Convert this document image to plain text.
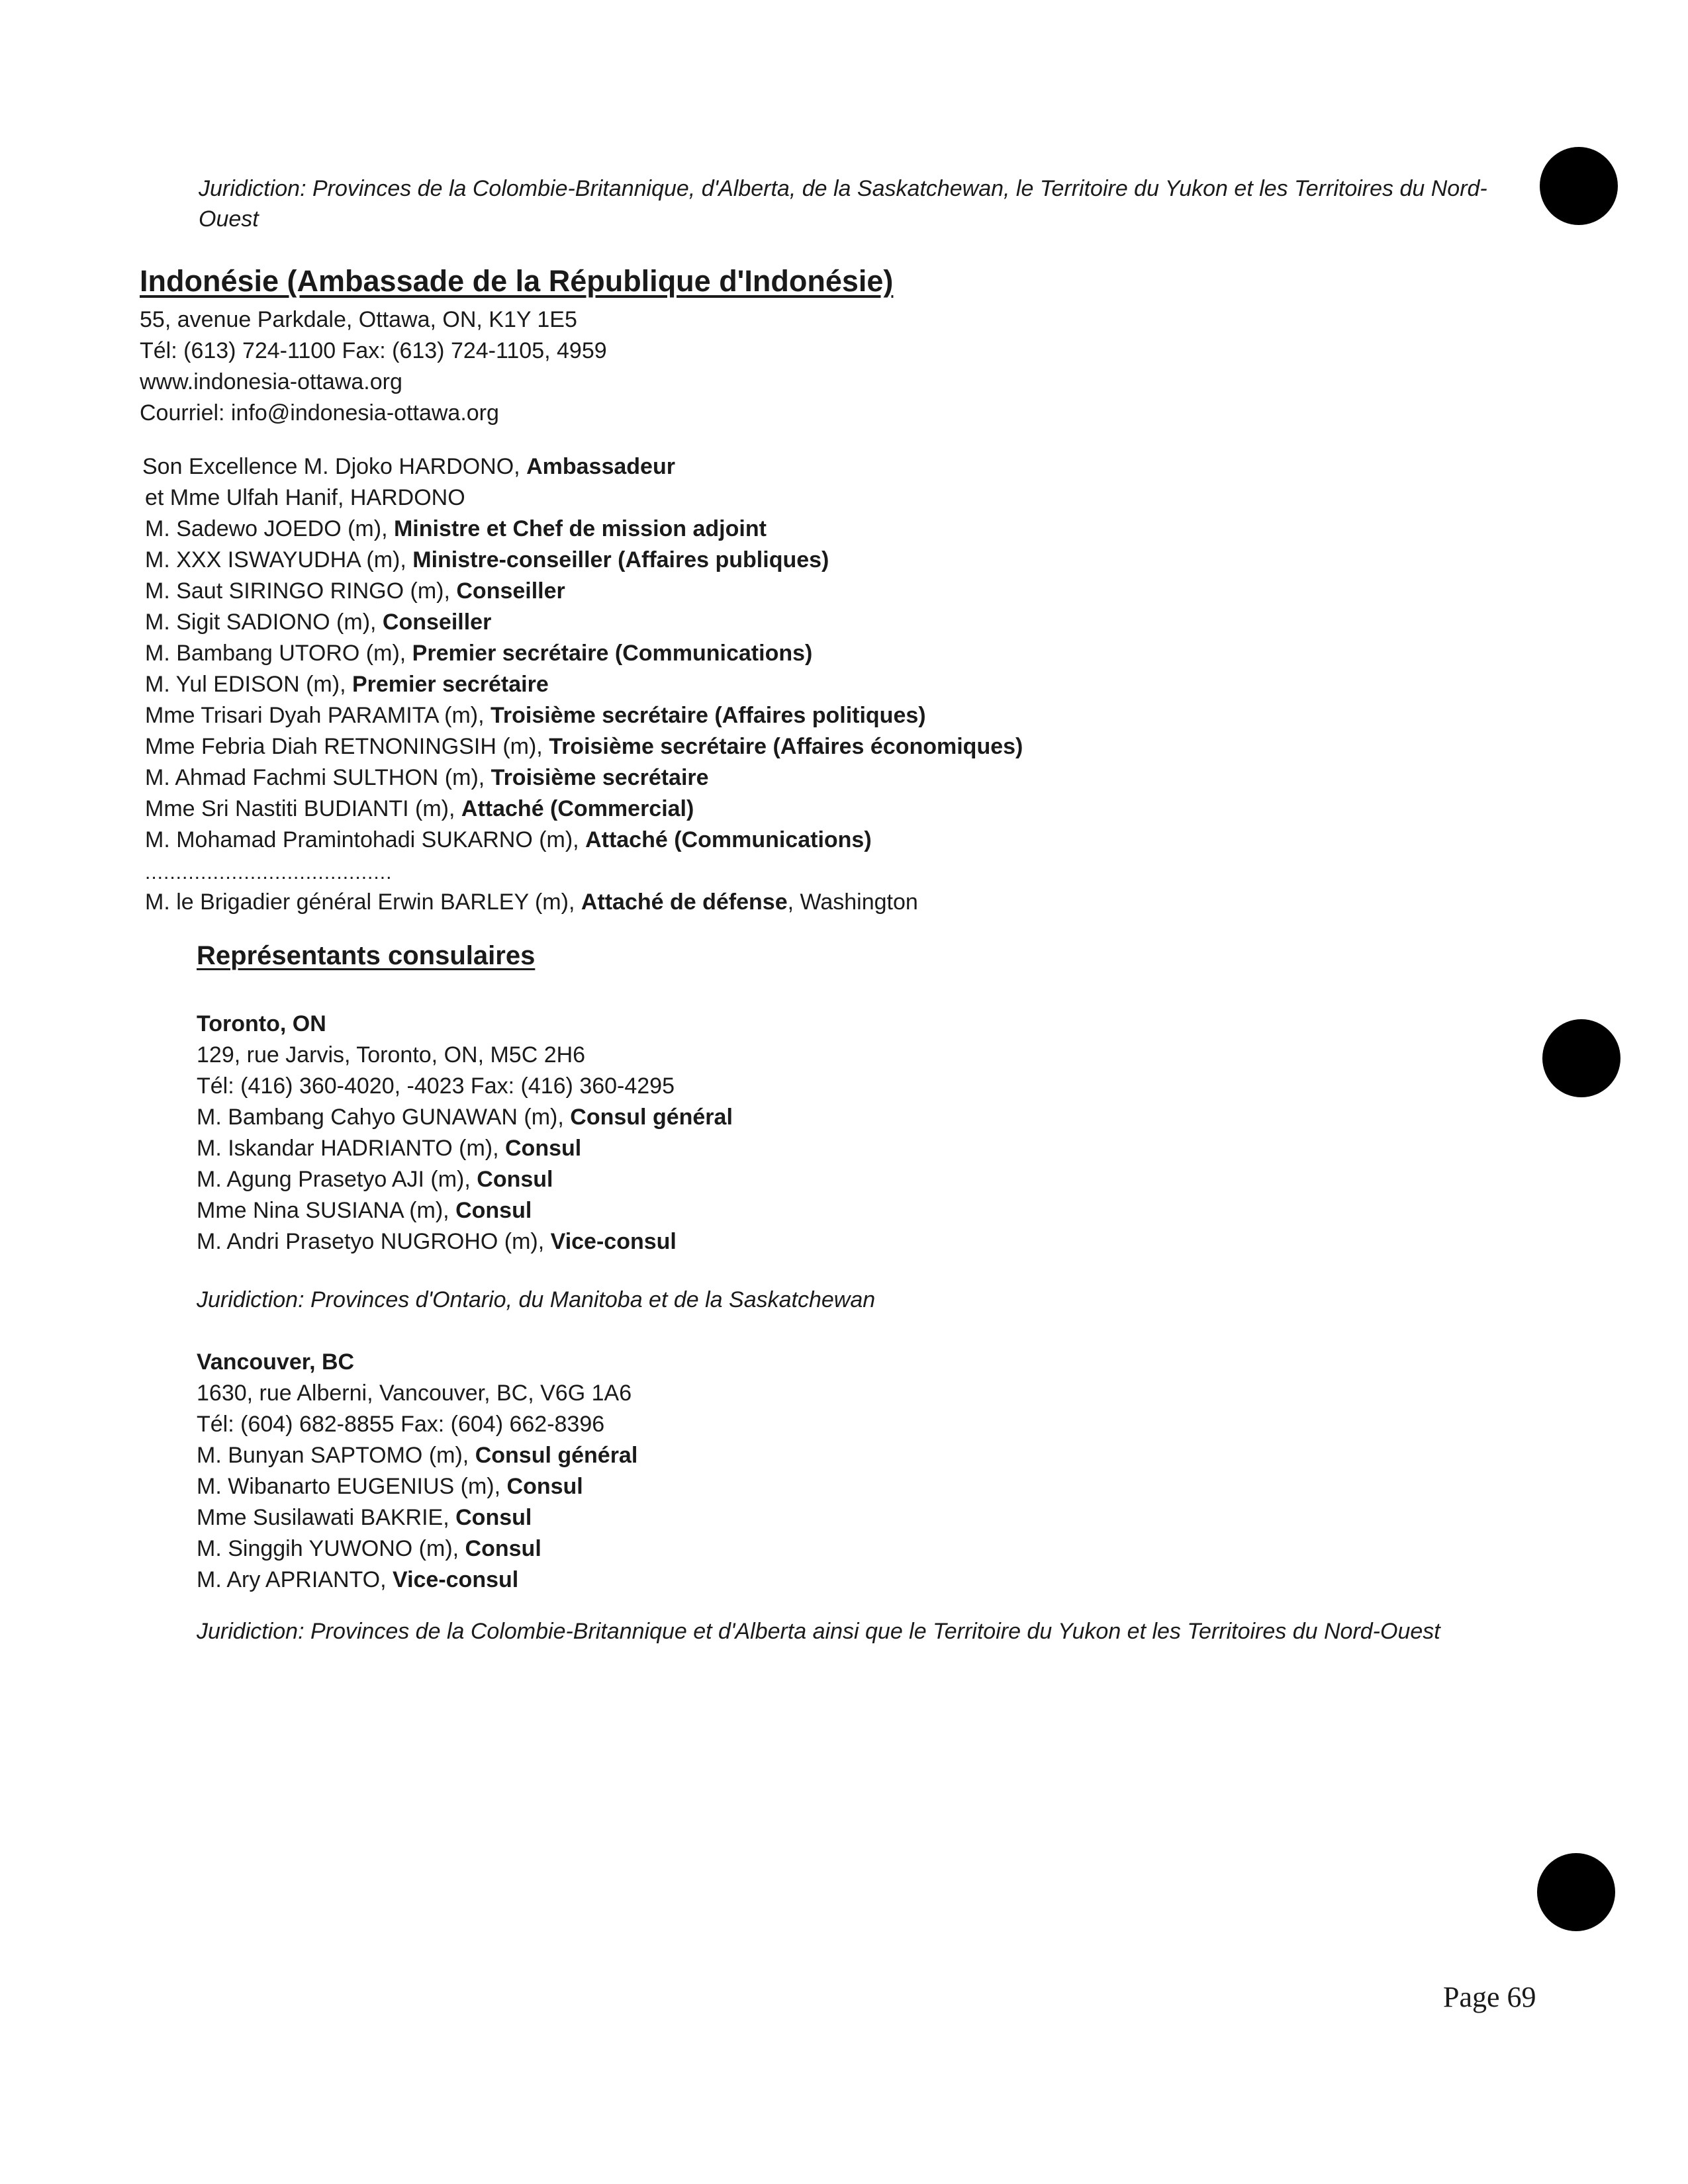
Juridiction: Provinces de la Colombie-Britannique, d'Alberta, de la Saskatchewan, le Territoire du Yukon et les Territoires du Nord-Ouest
Indonésie (Ambassade de la République d'Indonésie)
55, avenue Parkdale, Ottawa, ON, K1Y 1E5
Tél: (613) 724-1100 Fax: (613) 724-1105, 4959
www.indonesia-ottawa.org
Courriel: info@indonesia-ottawa.org
Son Excellence M. Djoko HARDONO, Ambassadeur
et Mme Ulfah Hanif, HARDONO
M. Sadewo JOEDO (m), Ministre et Chef de mission adjoint
M. XXX ISWAYUDHA (m), Ministre-conseiller (Affaires publiques)
M. Saut SIRINGO RINGO (m), Conseiller
M. Sigit SADIONO (m), Conseiller
M. Bambang UTORO (m), Premier secrétaire (Communications)
M. Yul EDISON (m), Premier secrétaire
Mme Trisari Dyah PARAMITA (m), Troisième secrétaire (Affaires politiques)
Mme Febria Diah RETNONINGSIH (m), Troisième secrétaire (Affaires économiques)
M. Ahmad Fachmi SULTHON (m), Troisième secrétaire
Mme Sri Nastiti BUDIANTI (m), Attaché (Commercial)
M. Mohamad Pramintohadi SUKARNO (m), Attaché (Communications)
........................................
M. le Brigadier général Erwin BARLEY (m), Attaché de défense, Washington
Représentants consulaires
Toronto, ON
129, rue Jarvis, Toronto, ON, M5C 2H6
Tél: (416) 360-4020, -4023 Fax: (416) 360-4295
M. Bambang Cahyo GUNAWAN (m), Consul général
M. Iskandar HADRIANTO (m), Consul
M. Agung Prasetyo AJI (m), Consul
Mme Nina SUSIANA (m), Consul
M. Andri Prasetyo NUGROHO (m), Vice-consul
Juridiction: Provinces d'Ontario, du Manitoba et de la Saskatchewan
Vancouver, BC
1630, rue Alberni, Vancouver, BC, V6G 1A6
Tél: (604) 682-8855 Fax: (604) 662-8396
M. Bunyan SAPTOMO (m), Consul général
M. Wibanarto EUGENIUS (m), Consul
Mme Susilawati BAKRIE, Consul
M. Singgih YUWONO (m), Consul
M. Ary APRIANTO, Vice-consul
Juridiction: Provinces de la Colombie-Britannique et d'Alberta ainsi que le Territoire du Yukon et les Territoires du Nord-Ouest
Page 69
